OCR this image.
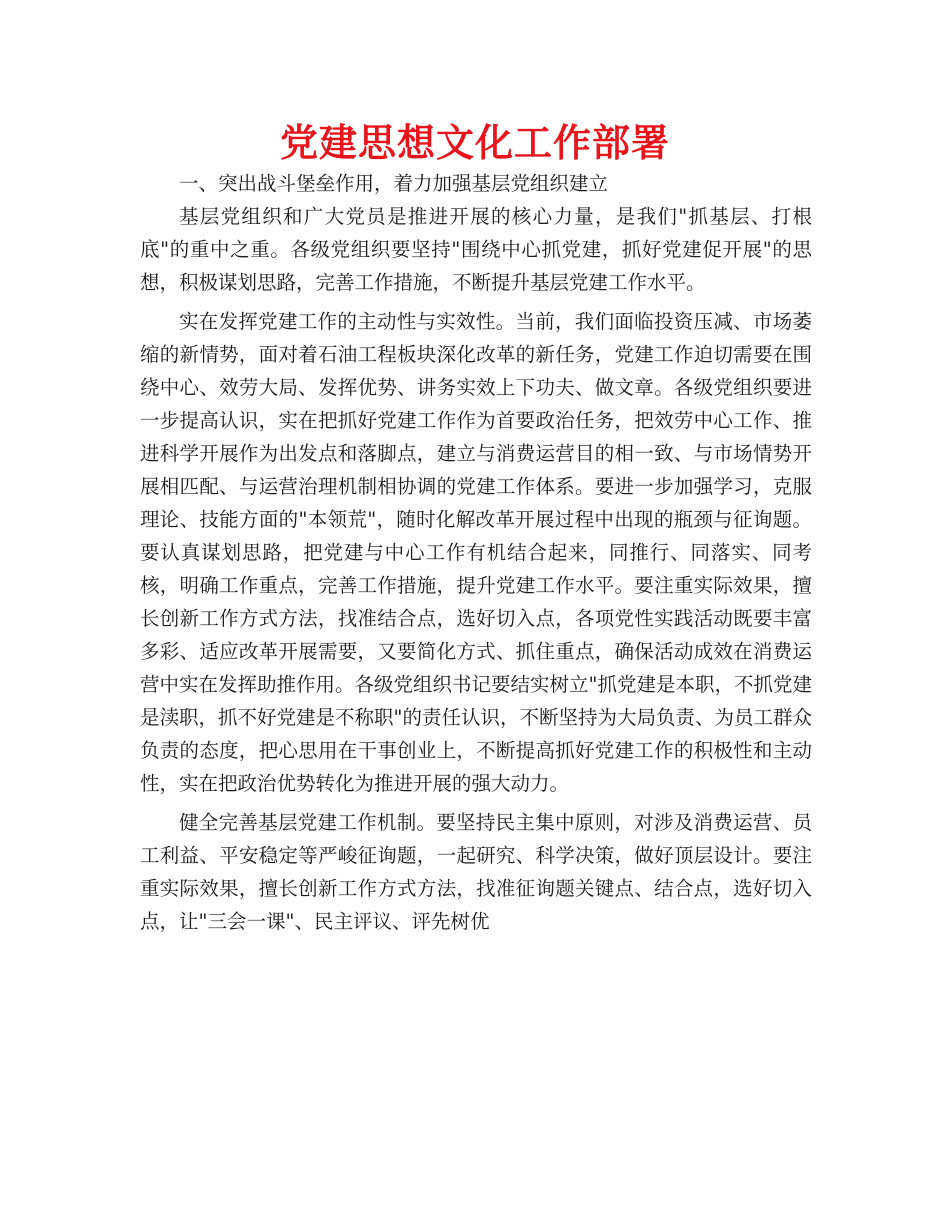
党建思想文化工作部署

一、突出战斗堡垒作用，着力加强基层党组织建立

基层党组织和广大党员是推进开展的核心力量，是我们"抓基层、打根底"的重中之重。各级党组织要坚持"围绕中心抓党建，抓好党建促开展"的思想，积极谋划思路，完善工作措施，不断提升基层党建工作水平。

实在发挥党建工作的主动性与实效性。当前，我们面临投资压减、市场萎缩的新情势，面对着石油工程板块深化改革的新任务，党建工作迫切需要在围绕中心、效劳大局、发挥优势、讲务实效上下功夫、做文章。各级党组织要进一步提高认识，实在把抓好党建工作作为首要政治任务，把效劳中心工作、推进科学开展作为出发点和落脚点，建立与消费运营目的相一致、与市场情势开展相匹配、与运营治理机制相协调的党建工作体系。要进一步加强学习，克服理论、技能方面的"本领荒"，随时化解改革开展过程中出现的瓶颈与征询题。要认真谋划思路，把党建与中心工作有机结合起来，同推行、同落实、同考核，明确工作重点，完善工作措施，提升党建工作水平。要注重实际效果，擅长创新工作方式方法，找准结合点，选好切入点，各项党性实践活动既要丰富多彩、适应改革开展需要，又要简化方式、抓住重点，确保活动成效在消费运营中实在发挥助推作用。各级党组织书记要结实树立"抓党建是本职，不抓党建是渎职，抓不好党建是不称职"的责任认识，不断坚持为大局负责、为员工群众负责的态度，把心思用在干事创业上，不断提高抓好党建工作的积极性和主动性，实在把政治优势转化为推进开展的强大动力。

健全完善基层党建工作机制。要坚持民主集中原则，对涉及消费运营、员工利益、平安稳定等严峻征询题，一起研究、科学决策，做好顶层设计。要注重实际效果，擅长创新工作方式方法，找准征询题关键点、结合点，选好切入点，让"三会一课"、民主评议、评先树优
